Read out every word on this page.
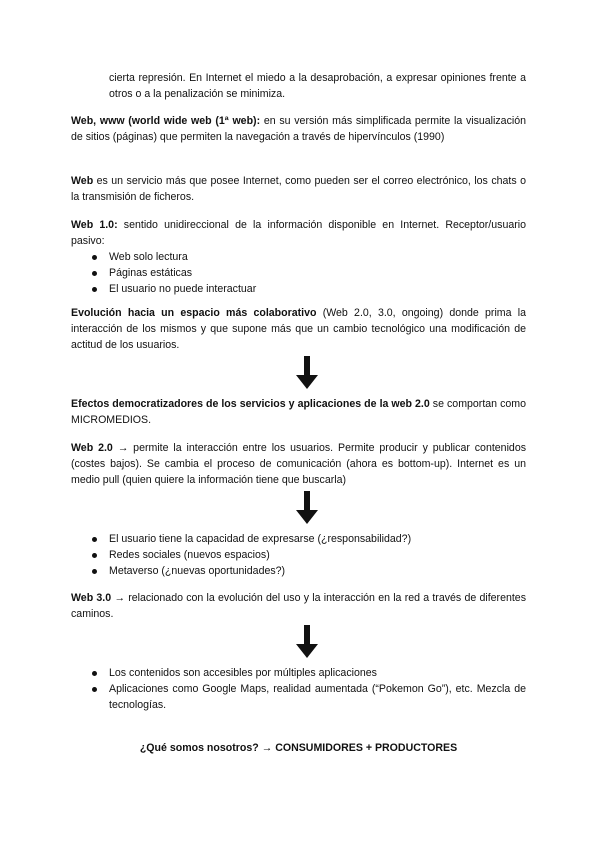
cierta represión. En Internet el miedo a la desaprobación, a expresar opiniones frente a otros o a la penalización se minimiza.

Web, www (world wide web (1ª web): en su versión más simplificada permite la visualización de sitios (páginas) que permiten la navegación a través de hipervínculos (1990)

Web es un servicio más que posee Internet, como pueden ser el correo electrónico, los chats o la transmisión de ficheros.

Web 1.0: sentido unidireccional de la información disponible en Internet. Receptor/usuario pasivo:

Web solo lectura
Páginas estáticas
El usuario no puede interactuar

Evolución hacia un espacio más colaborativo (Web 2.0, 3.0, ongoing) donde prima la interacción de los mismos y que supone más que un cambio tecnológico una modificación de actitud de los usuarios.

Efectos democratizadores de los servicios y aplicaciones de la web 2.0 se comportan como MICROMEDIOS.

Web 2.0 → permite la interacción entre los usuarios. Permite producir y publicar contenidos (costes bajos). Se cambia el proceso de comunicación (ahora es bottom-up). Internet es un medio pull (quien quiere la información tiene que buscarla)

El usuario tiene la capacidad de expresarse (¿responsabilidad?)
Redes sociales (nuevos espacios)
Metaverso (¿nuevas oportunidades?)

Web 3.0 → relacionado con la evolución del uso y la interacción en la red a través de diferentes caminos.

Los contenidos son accesibles por múltiples aplicaciones
Aplicaciones como Google Maps, realidad aumentada (“Pokemon Go”), etc. Mezcla de tecnologías.

¿Qué somos nosotros? → CONSUMIDORES + PRODUCTORES
